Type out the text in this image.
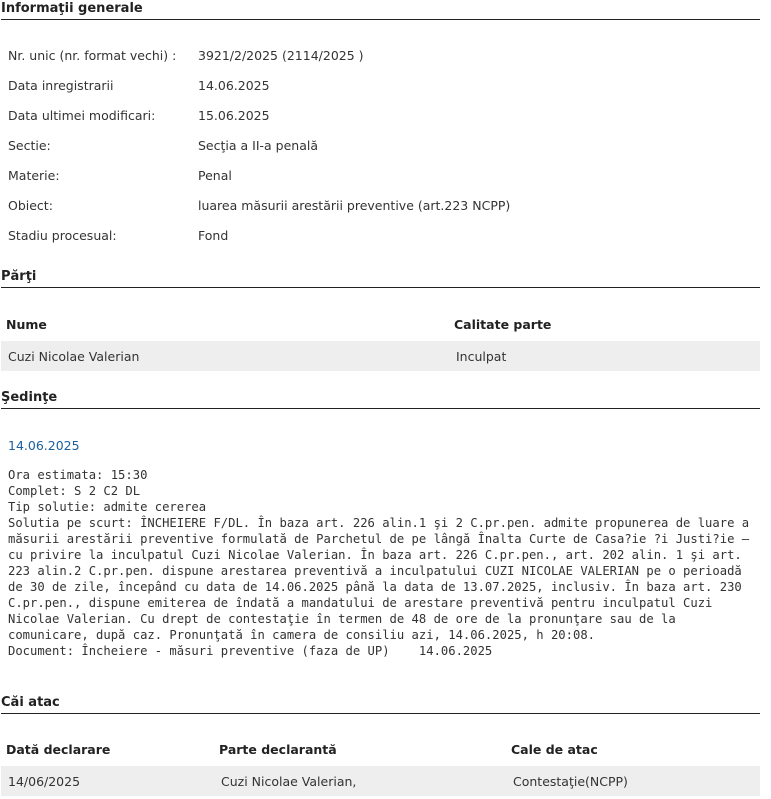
Informaţii generale
Nr. unic (nr. format vechi) : 3921/2/2025 (2114/2025 )
Data inregistrarii	14.06.2025
Data ultimei modificari:	15.06.2025
Sectie:	Secţia a II-a penală
Materie:	Penal
Obiect:	luarea măsurii arestării preventive (art.223 NCPP)
Stadiu procesual:	Fond
Părţi
Nume	Calitate parte
Cuzi Nicolae Valerian	Inculpat
Şedinţe
14.06.2025
Ora estimata: 15:30
Complet: S 2 C2 DL
Tip solutie: admite cererea
Solutia pe scurt: ÎNCHEIERE F/DL. În baza art. 226 alin.1 şi 2 C.pr.pen. admite propunerea de luare a măsurii arestării preventive formulată de Parchetul de pe lângă Înalta Curte de Casa?ie ?i Justi?ie – cu privire la inculpatul Cuzi Nicolae Valerian. În baza art. 226 C.pr.pen., art. 202 alin. 1 şi art. 223 alin.2 C.pr.pen. dispune arestarea preventivă a inculpatului CUZI NICOLAE VALERIAN pe o perioadă de 30 de zile, începând cu data de 14.06.2025 până la data de 13.07.2025, inclusiv. În baza art. 230 C.pr.pen., dispune emiterea de îndată a mandatului de arestare preventivă pentru inculpatul Cuzi Nicolae Valerian. Cu drept de contestaţie în termen de 48 de ore de la pronunţare sau de la comunicare, după caz. Pronunţată în camera de consiliu azi, 14.06.2025, h 20:08.
Document: Încheiere - măsuri preventive (faza de UP)    14.06.2025
Căi atac
Dată declarare	Parte declarantă	Cale de atac
14/06/2025	Cuzi Nicolae Valerian,	Contestaţie(NCPP)
